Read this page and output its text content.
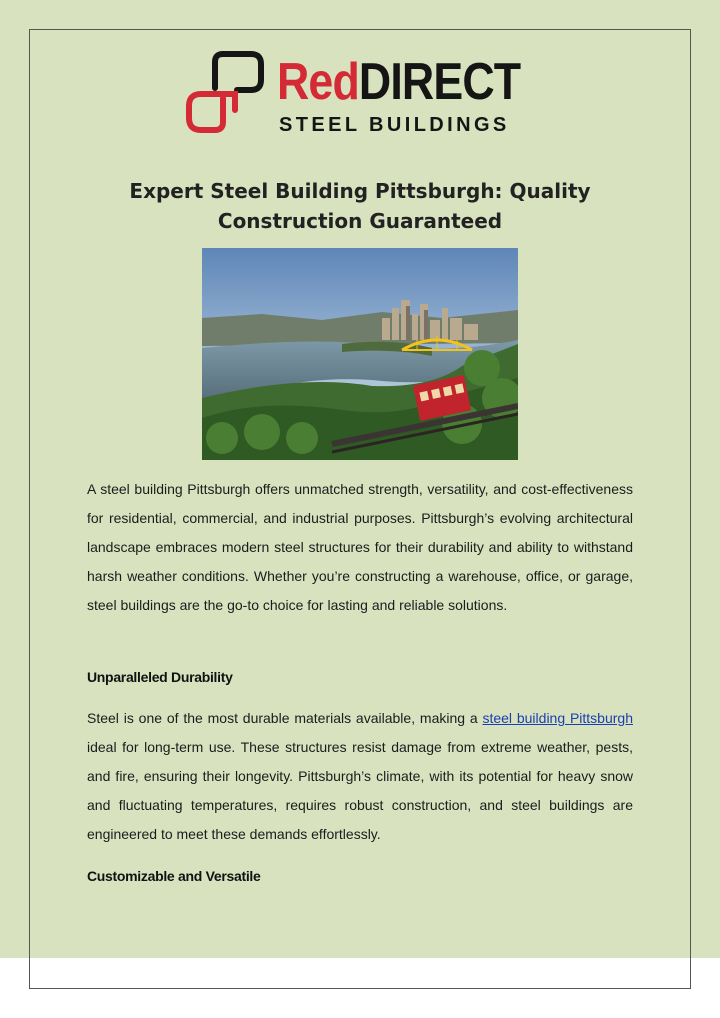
RedDIRECT
STEEL BUILDINGS
Expert Steel Building Pittsburgh: Quality Construction Guaranteed

A steel building Pittsburgh offers unmatched strength, versatility, and cost-effectiveness for residential, commercial, and industrial purposes. Pittsburgh’s evolving architectural landscape embraces modern steel structures for their durability and ability to withstand harsh weather conditions. Whether you’re constructing a warehouse, office, or garage, steel buildings are the go-to choice for lasting and reliable solutions.

Unparalleled Durability

Steel is one of the most durable materials available, making a steel building Pittsburgh ideal for long-term use. These structures resist damage from extreme weather, pests, and fire, ensuring their longevity. Pittsburgh’s climate, with its potential for heavy snow and fluctuating temperatures, requires robust construction, and steel buildings are engineered to meet these demands effortlessly.

Customizable and Versatile
